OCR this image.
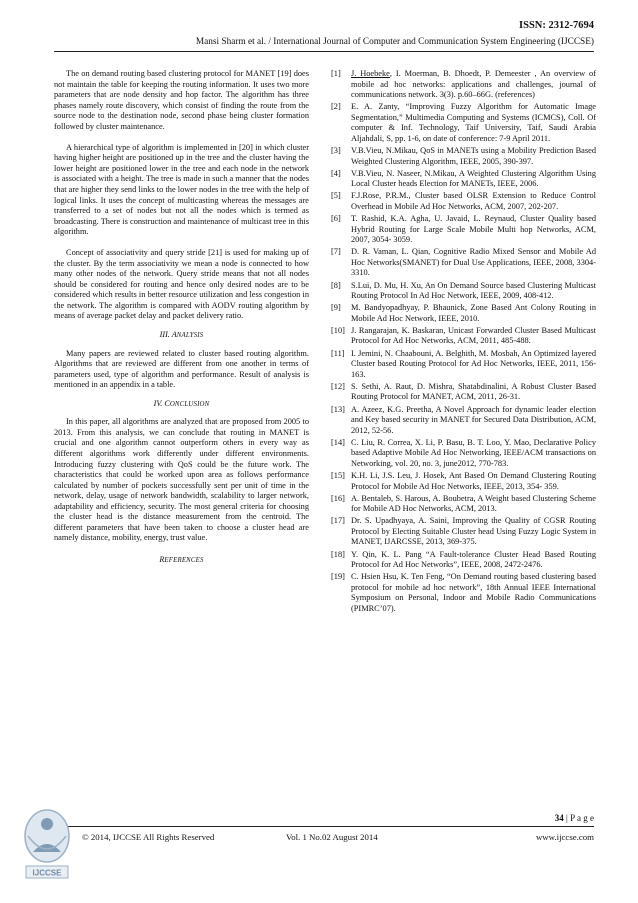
ISSN: 2312-7694
Mansi Sharm et al. / International Journal of Computer and Communication System Engineering (IJCCSE)

The on demand routing based clustering protocol for MANET [19] does not maintain the table for keeping the routing information. It uses two more parameters that are node density and hop factor. The algorithm has three phases namely route discovery, which consist of finding the route from the source node to the destination node, second phase being cluster formation followed by cluster maintenance.

A hierarchical type of algorithm is implemented in [20] in which cluster having higher height are positioned up in the tree and the cluster having the lower height are positioned lower in the tree and each node in the network is associated with a height. The tree is made in such a manner that the nodes that are higher they send links to the lower nodes in the tree with the help of logical links. It uses the concept of multicasting whereas the messages are transferred to a set of nodes but not all the nodes which is termed as broadcasting. There is construction and maintenance of multicast tree in this algorithm.

Concept of associativity and query stride [21] is used for making up of the cluster. By the term associativity we mean a node is connected to how many other nodes of the network. Query stride means that not all nodes should be considered for routing and hence only desired nodes are to be considered which results in better resource utilization and less congestion in the network. The algorithm is compared with AODV routing algorithm by means of average packet delay and packet delivery ratio.

III. ANALYSIS

Many papers are reviewed related to cluster based routing algorithm. Algorithms that are reviewed are different from one another in terms of parameters used, type of algorithm and performance. Result of analysis is mentioned in an appendix in a table.

IV. CONCLUSION

In this paper, all algorithms are analyzed that are proposed from 2005 to 2013. From this analysis, we can conclude that routing in MANET is crucial and one algorithm cannot outperform others in every way as different algorithms work differently under different environments. Introducing fuzzy clustering with QoS could be the future work. The characteristics that could be worked upon area as follows performance calculated by number of pockets successfully sent per unit of time in the network, delay, usage of network bandwidth, scalability to larger network, adaptability and efficiency, security. The most general criteria for choosing the cluster head is the distance measurement from the centroid. The different parameters that have been taken to choose a cluster head are namely distance, mobility, energy, trust value.

REFERENCES
[1]	J. Hoebeke, I. Moerman, B. Dhoedt, P. Demeester , An overview of mobile ad hoc networks: applications and challenges, journal of communications network. 3(3). p.60–66G. (references)
[2]	E. A. Zanty, “Improving Fuzzy Algorithm for Automatic Image Segmentation,” Multimedia Computing and Systems (ICMCS), Coll. Of computer & Inf. Technology, Taif University, Taif, Saudi Arabia Aljahdali, S, pp. 1-6, on date of conference: 7-9 April 2011.
[3]	V.B.Vieu, N.Mikau, QoS in MANETs using a Mobility Prediction Based Weighted Clustering Algorithm, IEEE, 2005, 390-397.
[4]	V.B.Vieu, N. Naseer, N.Mikau, A Weighted Clustering Algorithm Using Local Cluster heads Election for MANETs, IEEE, 2006.
[5]	F.J.Rose, P.R.M., Cluster based OLSR Extension to Reduce Control Overhead in Mobile Ad Hoc Networks, ACM, 2007, 202-207.
[6]	T. Rashid, K.A. Agha, U. Javaid, L. Reynaud, Cluster Quality based Hybrid Routing for Large Scale Mobile Multi hop Networks, ACM, 2007, 3054- 3059.
[7]	D. R. Vaman, L. Qian, Cognitive Radio Mixed Sensor and Mobile Ad Hoc Networks(SMANET) for Dual Use Applications, IEEE, 2008, 3304-3310.
[8]	S.Lui, D. Mu, H. Xu, An On Demand Source based Clustering Multicast Routing Protocol In Ad Hoc Network, IEEE, 2009, 408-412.
[9]	M. Bandyopadhyay, P. Bhaunick, Zone Based Ant Colony Routing in Mobile Ad Hoc Network, IEEE, 2010.
[10] J. Rangarajan, K. Baskaran, Unicast Forwarded Cluster Based Multicast Protocol for Ad Hoc Networks, ACM, 2011, 485-488.
[11] I. Jemini, N. Chaabouni, A. Belghith, M. Mosbah, An Optimized layered Cluster based Routing Protocol for Ad Hoc Networks, IEEE, 2011, 156-163.
[12] S. Sethi, A. Raut, D. Mishra, Shatabdinalini, A Robust Cluster Based Routing Protocol for MANET, ACM, 2011, 26-31.
[13] A. Azeez, K.G. Preetha, A Novel Approach for dynamic leader election and Key based security in MANET for Secured Data Distribution, ACM, 2012, 52-56.
[14] C. Liu, R. Correa, X. Li, P. Basu, B. T. Loo, Y. Mao, Declarative Policy based Adaptive Mobile Ad Hoc Networking, IEEE/ACM transactions on Networking, vol. 20, no. 3, june2012, 770-783.
[15] K.H. Li, J.S. Leu, J. Hosek, Ant Based On Demand Clustering Routing Protocol for Mobile Ad Hoc Networks, IEEE, 2013, 354- 359.
[16] A. Bentaleb, S. Harous, A. Boubetra, A Weight based Clustering Scheme for Mobile AD Hoc Networks, ACM, 2013.
[17] Dr. S. Upadhyaya, A. Saini, Improving the Quality of CGSR Routing Protocol by Electing Suitable Cluster head Using Fuzzy Logic System in MANET, IJARCSSE, 2013, 369-375.
[18] Y. Qin, K. L. Pang “A Fault-tolerance Cluster Head Based Routing Protocol for Ad Hoc Networks”, IEEE, 2008, 2472-2476.
[19] C. Hsien Hsu, K. Ten Feng, “On Demand routing based clustering based protocol for mobile ad hoc network”, 18th Annual IEEE International Symposium on Personal, Indoor and Mobile Radio Communications (PIMRC’07).
34 | P a g e
IJCCSE
© 2014, IJCCSE All Rights Reserved	Vol. 1 No.02 August 2014	www.ijccse.com
